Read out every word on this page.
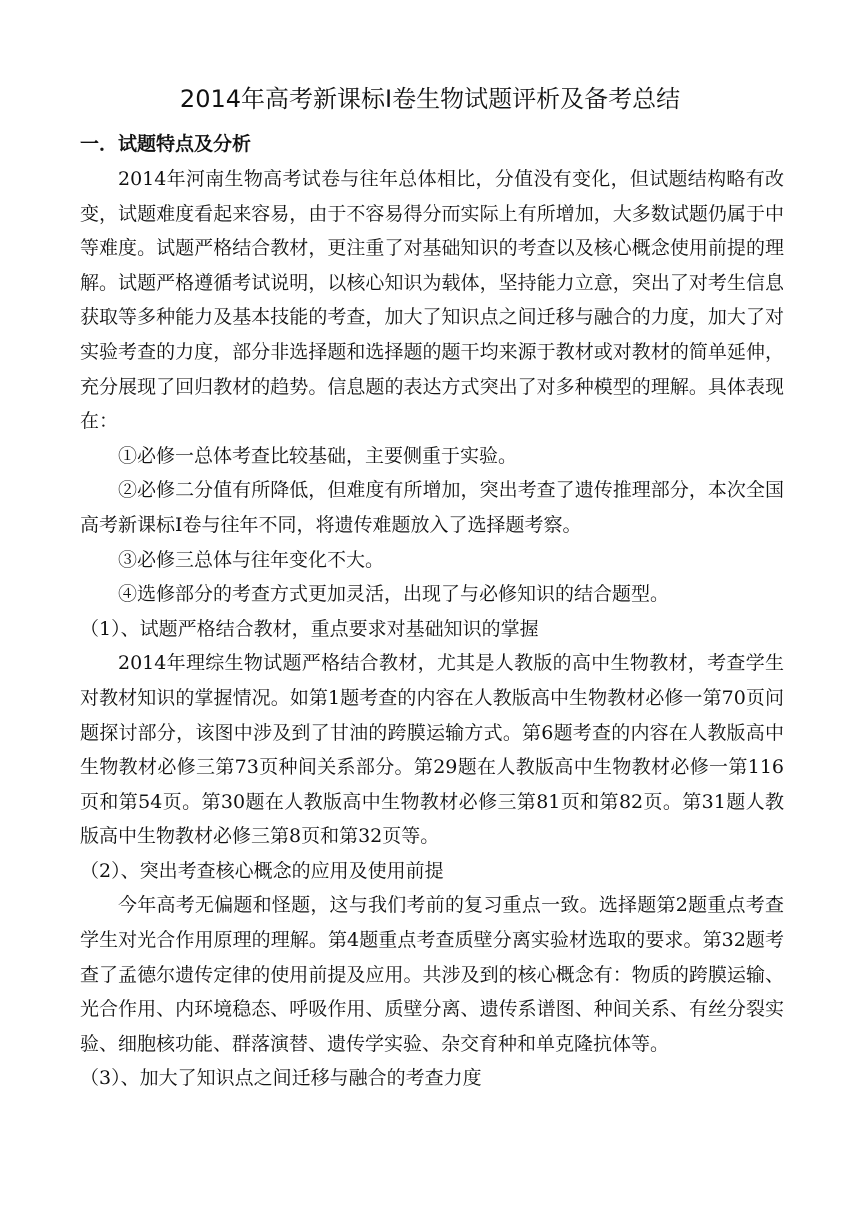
2014年高考新课标Ⅰ卷生物试题评析及备考总结
一．试题特点及分析

2014年河南生物高考试卷与往年总体相比，分值没有变化，但试题结构略有改变，试题难度看起来容易，由于不容易得分而实际上有所增加，大多数试题仍属于中等难度。试题严格结合教材，更注重了对基础知识的考查以及核心概念使用前提的理解。试题严格遵循考试说明，以核心知识为载体，坚持能力立意，突出了对考生信息获取等多种能力及基本技能的考查，加大了知识点之间迁移与融合的力度，加大了对实验考查的力度，部分非选择题和选择题的题干均来源于教材或对教材的简单延伸，充分展现了回归教材的趋势。信息题的表达方式突出了对多种模型的理解。具体表现在：

①必修一总体考查比较基础，主要侧重于实验。

②必修二分值有所降低，但难度有所增加，突出考查了遗传推理部分，本次全国高考新课标Ⅰ卷与往年不同，将遗传难题放入了选择题考察。

③必修三总体与往年变化不大。

④选修部分的考查方式更加灵活，出现了与必修知识的结合题型。

（1）、试题严格结合教材，重点要求对基础知识的掌握

2014年理综生物试题严格结合教材，尤其是人教版的高中生物教材，考查学生对教材知识的掌握情况。如第1题考查的内容在人教版高中生物教材必修一第70页问题探讨部分，该图中涉及到了甘油的跨膜运输方式。第6题考查的内容在人教版高中生物教材必修三第73页种间关系部分。第29题在人教版高中生物教材必修一第116页和第54页。第30题在人教版高中生物教材必修三第81页和第82页。第31题人教版高中生物教材必修三第8页和第32页等。

（2）、突出考查核心概念的应用及使用前提

今年高考无偏题和怪题，这与我们考前的复习重点一致。选择题第2题重点考查学生对光合作用原理的理解。第4题重点考查质壁分离实验材选取的要求。第32题考查了孟德尔遗传定律的使用前提及应用。共涉及到的核心概念有：物质的跨膜运输、光合作用、内环境稳态、呼吸作用、质壁分离、遗传系谱图、种间关系、有丝分裂实验、细胞核功能、群落演替、遗传学实验、杂交育种和单克隆抗体等。

（3）、加大了知识点之间迁移与融合的考查力度
